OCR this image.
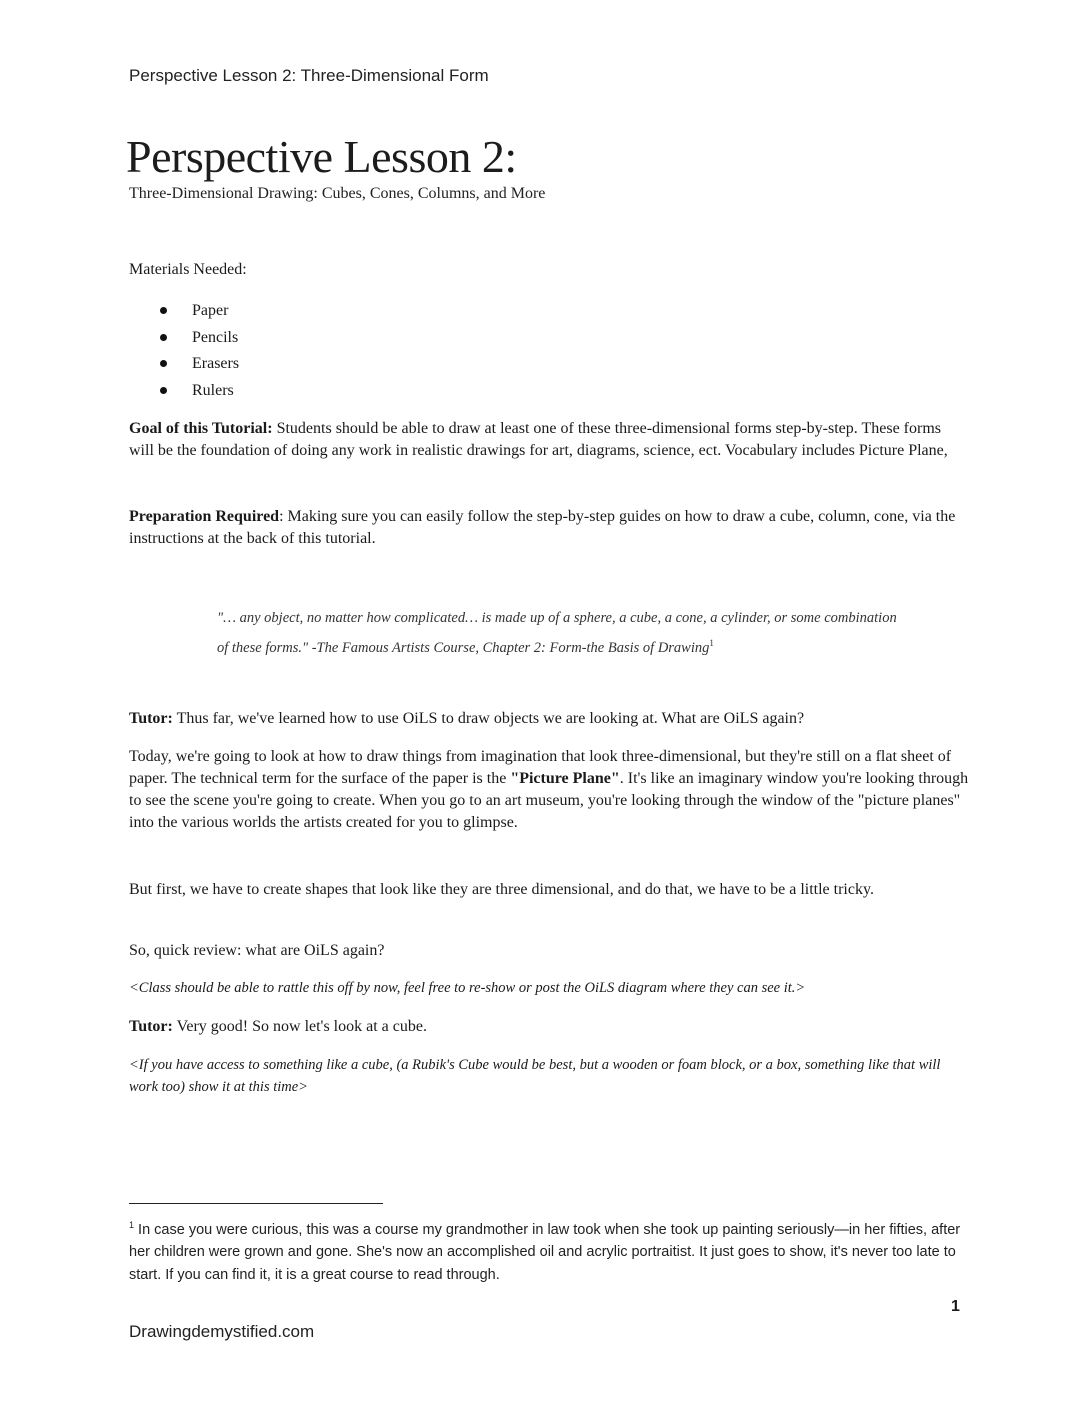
Perspective Lesson 2: Three-Dimensional Form
Perspective Lesson 2:
Three-Dimensional Drawing: Cubes, Cones, Columns, and More
Materials Needed:
Paper
Pencils
Erasers
Rulers

Goal of this Tutorial: Students should be able to draw at least one of these three-dimensional forms step-by-step. These forms will be the foundation of doing any work in realistic drawings for art, diagrams, science, ect. Vocabulary includes Picture Plane,

Preparation Required: Making sure you can easily follow the step-by-step guides on how to draw a cube, column, cone, via the instructions at the back of this tutorial.

"… any object, no matter how complicated… is made up of a sphere, a cube, a cone, a cylinder, or some combination of these forms." -The Famous Artists Course, Chapter 2: Form-the Basis of Drawing$^1$

Tutor: Thus far, we've learned how to use OiLS to draw objects we are looking at. What are OiLS again?

Today, we're going to look at how to draw things from imagination that look three-dimensional, but they're still on a flat sheet of paper. The technical term for the surface of the paper is the "Picture Plane". It's like an imaginary window you're looking through to see the scene you're going to create. When you go to an art museum, you're looking through the window of the "picture planes" into the various worlds the artists created for you to glimpse.

But first, we have to create shapes that look like they are three dimensional, and do that, we have to be a little tricky.

So, quick review: what are OiLS again?

<Class should be able to rattle this off by now, feel free to re-show or post the OiLS diagram where they can see it.>

Tutor: Very good! So now let's look at a cube.

<If you have access to something like a cube, (a Rubik's Cube would be best, but a wooden or foam block, or a box, something like that will work too) show it at this time>

$^1$ In case you were curious, this was a course my grandmother in law took when she took up painting seriously—in her fifties, after her children were grown and gone. She's now an accomplished oil and acrylic portraitist. It just goes to show, it's never too late to start. If you can find it, it is a great course to read through.

1
Drawingdemystified.com
